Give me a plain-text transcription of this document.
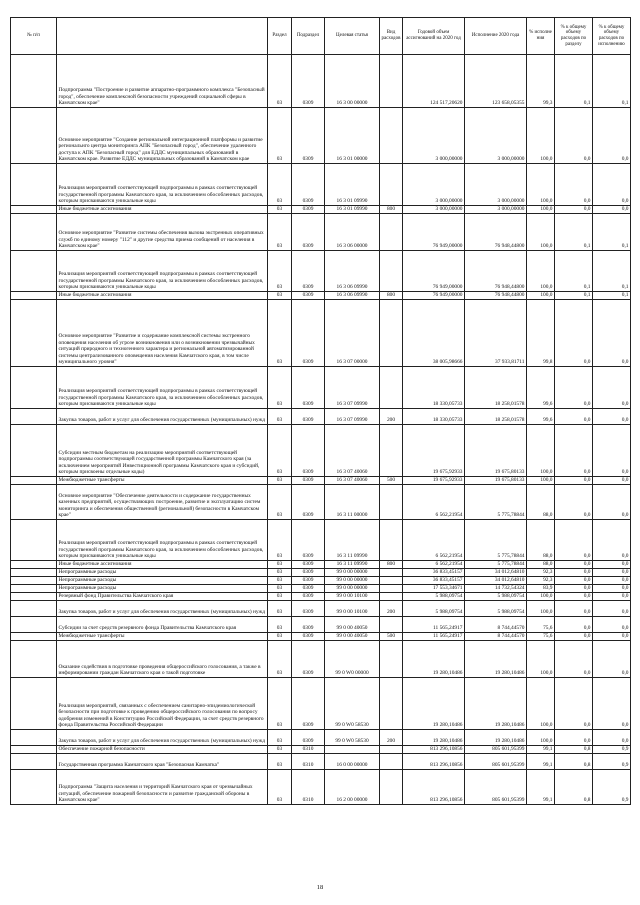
№ п/п		Раздел	Подраздел	Целевая статья	Вид расходов	Годовой объем ассигнований на 2020 год	Исполнение 2020 года	% исполне ния	% к общему объему расходов по разделу	% к общему объему расходов по исполнению
	Подпрограмма "Построение и развитие аппаратно-программного комплекса "Безопасный город", обеспечение комплексной безопасности учреждений социальной сферы в Камчатском крае"	03	0309	16 3 00 00000		124 517,20620	123 658,05355	99,3	0,1	0,1
	Основное мероприятие "Создание региональной интеграционной платформы и развитие региональнго центра мониторинга АПК "Безопасный город", обеспечение удаленного доступа к АПК "Безопасный город" для ЕДДС муниципальных образований в Камчатском крае. Развитие ЕДДС муниципальных образований в Камчатском крае	03	0309	16 3 01 00000		3 000,00000	3 000,00000	100,0	0,0	0,0
	Реализация мероприятий соответствующей подпрограммы в рамках соответствующей государственной программы Камчатского края, за исключением обособленных расходов, которым присваиваются уникальные коды	03	0309	16 3 01 09990		3 000,00000	3 000,00000	100,0	0,0	0,0
	Иные бюджетные ассигнования	03	0309	16 3 01 09990	800	3 000,00000	3 000,00000	100,0	0,0	0,0
	Основное мероприятие "Развитие системы обеспечения вызова экстренных оперативных служб по единому номеру "112" и другие средства приема сообщений от населения в Камчатском крае"	03	0309	16 3 06 00000		76 949,00000	76 948,44800	100,0	0,1	0,1
	Реализация мероприятий соответствующей подпрограммы в рамках соответствующей государственной программы Камчатского края, за исключением обособленных расходов, которым присваиваются уникальные коды	03	0309	16 3 06 09990		76 949,00000	76 948,44800	100,0	0,1	0,1
	Иные бюджетные ассигнования	03	0309	16 3 06 09990	800	76 949,00000	76 948,44800	100,0	0,1	0,1
	Основное мероприятие "Развитие и содержание комплексной системы экстренного оповещения населения об угрозе возникновения или о возникновении чрезвычайных ситуаций природного и техногенного характера и региональной автоматизированной системы централизованного оповещения населения Камчатского края, в том числе муниципального уровня"	03	0309	16 3 07 00000		38 005,98666	37 933,81711	99,8	0,0	0,0
	Реализация мероприятий соответствующей подпрограммы в рамках соответствующей государственной программы Камчатского края, за исключением обособленных расходов, которым присваиваются уникальные коды	03	0309	16 3 07 09990		18 330,05733	18 258,01578	99,6	0,0	0,0
	Закупка товаров, работ и услуг для обеспечения государственных (муниципальных) нужд	03	0309	16 3 07 09990	200	18 330,05733	18 258,01578	99,6	0,0	0,0
	Субсидии местным бюджетам на реализацию мероприятий соответствующей подпрограммы соответствующей государственной программы Камчатского края (за исключением мероприятий Инвестиционной программы Камчатского края и субсидий, которым присвоены отдельные коды)	03	0309	16 3 07 40060		19 675,92933	19 675,80133	100,0	0,0	0,0
	Межбюджетные трансферты	03	0309	16 3 07 40060	500	19 675,92933	19 675,80133	100,0	0,0	0,0
	Основное мероприятие "Обеспечение деятельности и содержание государственных казенных предприятий, осуществляющих построение, развитие и эксплуатацию систем мониторинга и обеспечения общественной (региональной) безопасности в Камчатском крае"	03	0309	16 3 11 00000		6 562,21954	5 775,78844	88,0	0,0	0,0
	Реализация мероприятий соответствующей подпрограммы в рамках соответствующей государственной программы Камчатского края, за исключением обособленных расходов, которым присваиваются уникальные коды	03	0309	16 3 11 09990		6 562,21954	5 775,78844	88,0	0,0	0,0
	Иные бюджетные ассигнования	03	0309	16 3 11 09990	800	6 562,21954	5 775,78844	88,0	0,0	0,0
	Непрограммные расходы	03	0309	99 0 00 00000		36 833,45157	34 012,64810	92,3	0,0	0,0
	Непрограммные расходы	03	0309	99 0 00 00000		36 833,45157	34 012,64810	92,3	0,0	0,0
	Непрограммные расходы	03	0309	99 0 00 00000		17 553,34671	14 732,54324	83,9	0,0	0,0
	Резервный фонд Правительства Камчатского края	03	0309	99 0 00 10100		5 988,09754	5 988,09754	100,0	0,0	0,0
	Закупка товаров, работ и услуг для обеспечения государственных (муниципальных) нужд	03	0309	99 0 00 10100	200	5 988,09754	5 988,09754	100,0	0,0	0,0
	Субсидии за счет средств резервного фонда Правительства Камчатского края	03	0309	99 0 00 40050		11 565,24917	8 744,44570	75,6	0,0	0,0
	Межбюджетные трансферты	03	0309	99 0 00 40050	500	11 565,24917	8 744,44570	75,6	0,0	0,0
	Оказание содействия в подготовке проведения общероссийского голосования, а также в информировании граждан Камчатского края о такой подготовке	03	0309	99 0 W0 00000		19 280,10486	19 280,10486	100,0	0,0	0,0
	Реализация мероприятий, связанных с обеспечением санитарно-эпидемиологической безопасности при подготовке к проведению общероссийского голосования по вопросу одобрения изменений в Конституцию Российской Федерации, за счет средств резервного фонда Правительства Российской Федерации	03	0309	99 0 W0 58530		19 280,10486	19 280,10486	100,0	0,0	0,0
	Закупка товаров, работ и услуг для обеспечения государственных (муниципальных) нужд	03	0309	99 0 W0 58530	200	19 280,10486	19 280,10486	100,0	0,0	0,0
	Обеспечение пожарной безопасности	03	0310			813 296,10856	805 601,95399	99,1	0,8	0,9
	Государственная программа Камчатского края "Безопасная Камчатка"	03	0310	16 0 00 00000		813 296,10856	805 601,95399	99,1	0,8	0,9
	Подпрограмма "Защита населения и территорий Камчатского края от чрезвычайных ситуаций, обеспечение пожарной безопасности и развитие гражданской обороны в Камчатском крае"	03	0310	16 2 00 00000		813 296,10856	805 601,95399	99,1	0,8	0,9
18
